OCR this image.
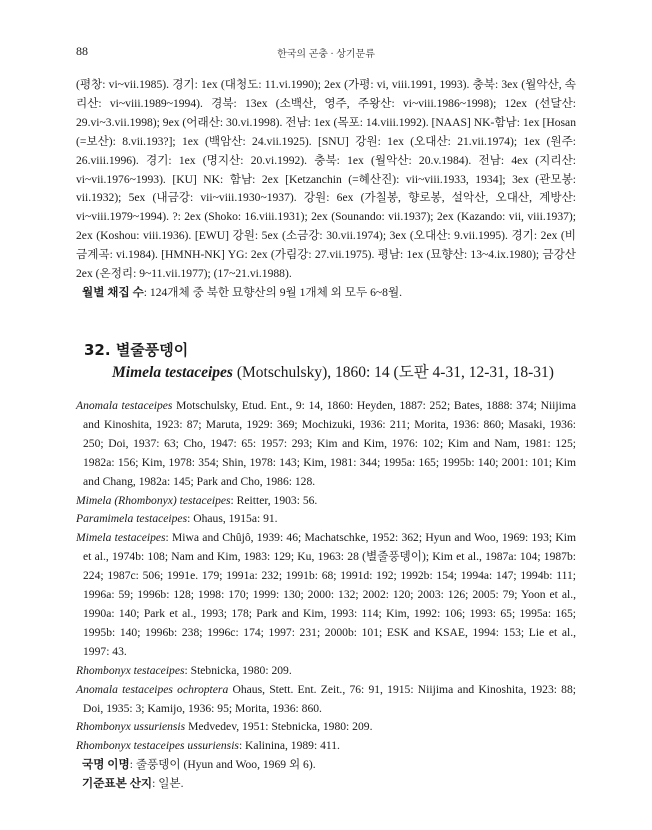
88	한국의 곤충 · 상기문류

(평창: vi~vii.1985). 경기: 1ex (대청도: 11.vi.1990); 2ex (가평: vi, viii.1991, 1993). 충북: 3ex (월악산, 속리산: vi~viii.1989~1994). 경북: 13ex (소백산, 영주, 주왕산: vi~viii.1986~1998); 12ex (선달산: 29.vi~3.vii.1998); 9ex (어래산: 30.vi.1998). 전남: 1ex (목포: 14.viii.1992). [NAAS] NK-함남: 1ex [Hosan (=보산): 8.vii.193?]; 1ex (백암산: 24.vii.1925). [SNU] 강원: 1ex (오대산: 21.vii.1974); 1ex (원주: 26.viii.1996). 경기: 1ex (명지산: 20.vi.1992). 충북: 1ex (월악산: 20.v.1984). 전남: 4ex (지리산: vi~vii.1976~1993). [KU] NK: 함남: 2ex [Ketzanchin (=혜산진): vii~viii.1933, 1934]; 3ex (관모봉: vii.1932); 5ex (내금강: vii~viii.1930~1937). 강원: 6ex (가칠봉, 향로봉, 설악산, 오대산, 계방산: vi~viii.1979~1994). ?: 2ex (Shoko: 16.viii.1931); 2ex (Sounando: vii.1937); 2ex (Kazando: vii, viii.1937); 2ex (Koshou: viii.1936). [EWU] 강원: 5ex (소금강: 30.vii.1974); 3ex (오대산: 9.vii.1995). 경기: 2ex (비금계곡: vi.1984). [HMNH-NK] YG: 2ex (가림강: 27.vii.1975). 평남: 1ex (묘향산: 13~4.ix.1980); 금강산 2ex (온정리: 9~11.vii.1977); (17~21.vi.1988).

월별 채집 수: 124개체 중 북한 묘향산의 9월 1개체 외 모두 6~8월.

32. 별줄풍뎅이
Mimela testaceipes (Motschulsky), 1860: 14 (도판 4-31, 12-31, 18-31)

Anomala testaceipes Motschulsky, Etud. Ent., 9: 14, 1860: Heyden, 1887: 252; Bates, 1888: 374; Niijima and Kinoshita, 1923: 87; Maruta, 1929: 369; Mochizuki, 1936: 211; Morita, 1936: 860; Masaki, 1936: 250; Doi, 1937: 63; Cho, 1947: 65: 1957: 293; Kim and Kim, 1976: 102; Kim and Nam, 1981: 125; 1982a: 156; Kim, 1978: 354; Shin, 1978: 143; Kim, 1981: 344; 1995a: 165; 1995b: 140; 2001: 101; Kim and Chang, 1982a: 145; Park and Cho, 1986: 128.

Mimela (Rhombonyx) testaceipes: Reitter, 1903: 56.

Paramimela testaceipes: Ohaus, 1915a: 91.

Mimela testaceipes: Miwa and Chûjô, 1939: 46; Machatschke, 1952: 362; Hyun and Woo, 1969: 193; Kim et al., 1974b: 108; Nam and Kim, 1983: 129; Ku, 1963: 28 (별줄풍뎅이); Kim et al., 1987a: 104; 1987b: 224; 1987c: 506; 1991e. 179; 1991a: 232; 1991b: 68; 1991d: 192; 1992b: 154; 1994a: 147; 1994b: 111; 1996a: 59; 1996b: 128; 1998: 170; 1999: 130; 2000: 132; 2002: 120; 2003: 126; 2005: 79; Yoon et al., 1990a: 140; Park et al., 1993; 178; Park and Kim, 1993: 114; Kim, 1992: 106; 1993: 65; 1995a: 165; 1995b: 140; 1996b: 238; 1996c: 174; 1997: 231; 2000b: 101; ESK and KSAE, 1994: 153; Lie et al., 1997: 43.

Rhombonyx testaceipes: Stebnicka, 1980: 209.

Anomala testaceipes ochroptera Ohaus, Stett. Ent. Zeit., 76: 91, 1915: Niijima and Kinoshita, 1923: 88; Doi, 1935: 3; Kamijo, 1936: 95; Morita, 1936: 860.

Rhombonyx ussuriensis Medvedev, 1951: Stebnicka, 1980: 209.

Rhombonyx testaceipes ussuriensis: Kalinina, 1989: 411.

국명 이명: 줄풍뎅이 (Hyun and Woo, 1969 외 6).

기준표본 산지: 일본.
